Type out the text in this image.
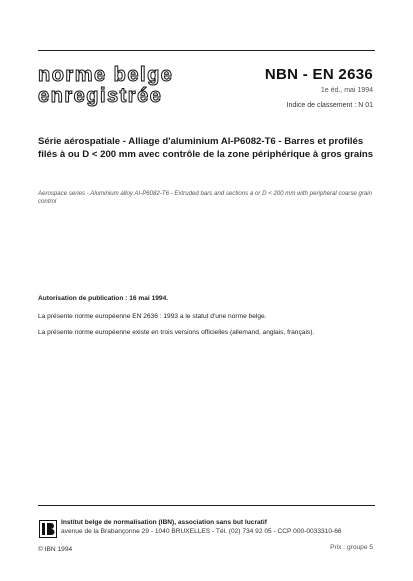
norme belge
enregistrée
NBN - EN 2636
1e éd., mai 1994
Indice de classement : N 01
Série aérospatiale - Alliage d'aluminium AI-P6082-T6 - Barres et profilés filés à ou D < 200 mm avec contrôle de la zone périphérique à gros grains
Aerospace series - Aluminium alloy AI-P6082-T6 - Extruded bars and sections a or D < 200 mm with peripheral coarse grain control
Autorisation de publication : 16 mai 1994.
La présente norme européenne EN 2636 : 1993 a le statut d'une norme belge.
La présente norme européenne existe en trois versions officielles (allemand, anglais, français).
Institut belge de normalisation (IBN), association sans but lucratif
avenue de la Brabançonne 29 - 1040 BRUXELLES - Tél. (02) 734 92 05 - CCP 000-0033310-66
© IBN 1994	Prix : groupe 5
